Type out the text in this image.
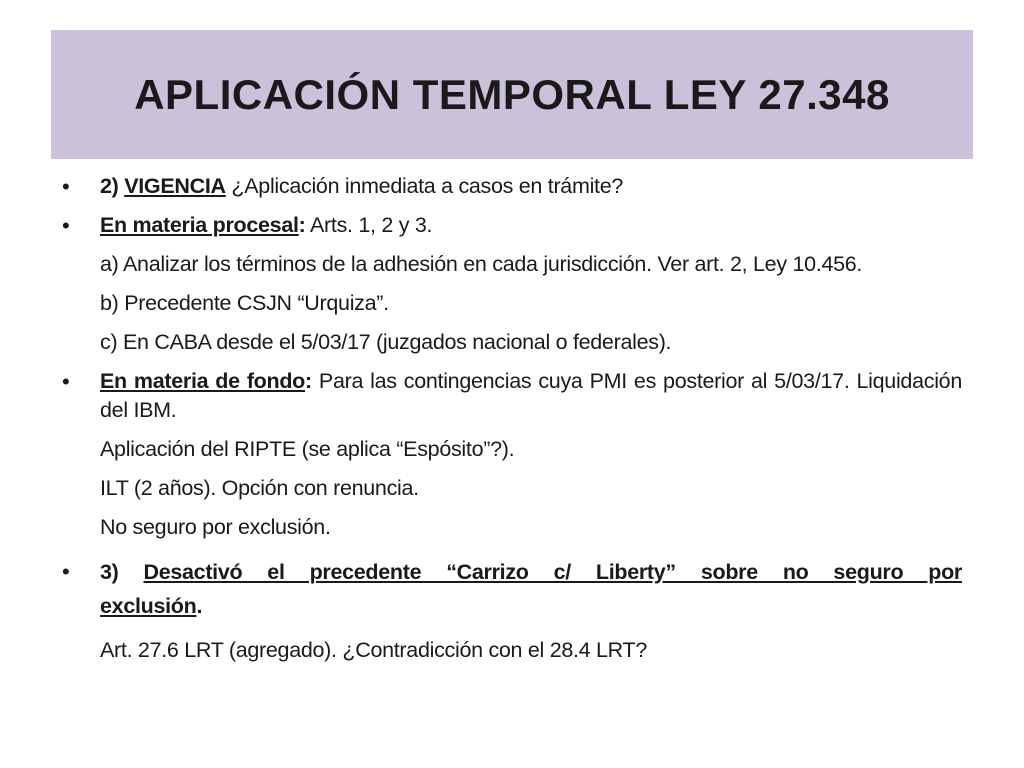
APLICACIÓN TEMPORAL LEY 27.348
•	2) VIGENCIA ¿Aplicación inmediata a casos en trámite?
•	En materia procesal: Arts. 1, 2 y 3.
a) Analizar los términos de la adhesión en cada jurisdicción. Ver art. 2, Ley 10.456.
b) Precedente CSJN “Urquiza”.
c) En CABA desde el 5/03/17 (juzgados nacional o federales).
•	En materia de fondo: Para las contingencias cuya PMI es posterior al 5/03/17. Liquidación del IBM.
Aplicación del RIPTE (se aplica “Espósito”?).
ILT (2 años). Opción con renuncia.
No seguro por exclusión.
•	3) Desactivó el precedente “Carrizo c/ Liberty” sobre no seguro por
exclusión.
Art. 27.6 LRT (agregado). ¿Contradicción con el 28.4 LRT?
